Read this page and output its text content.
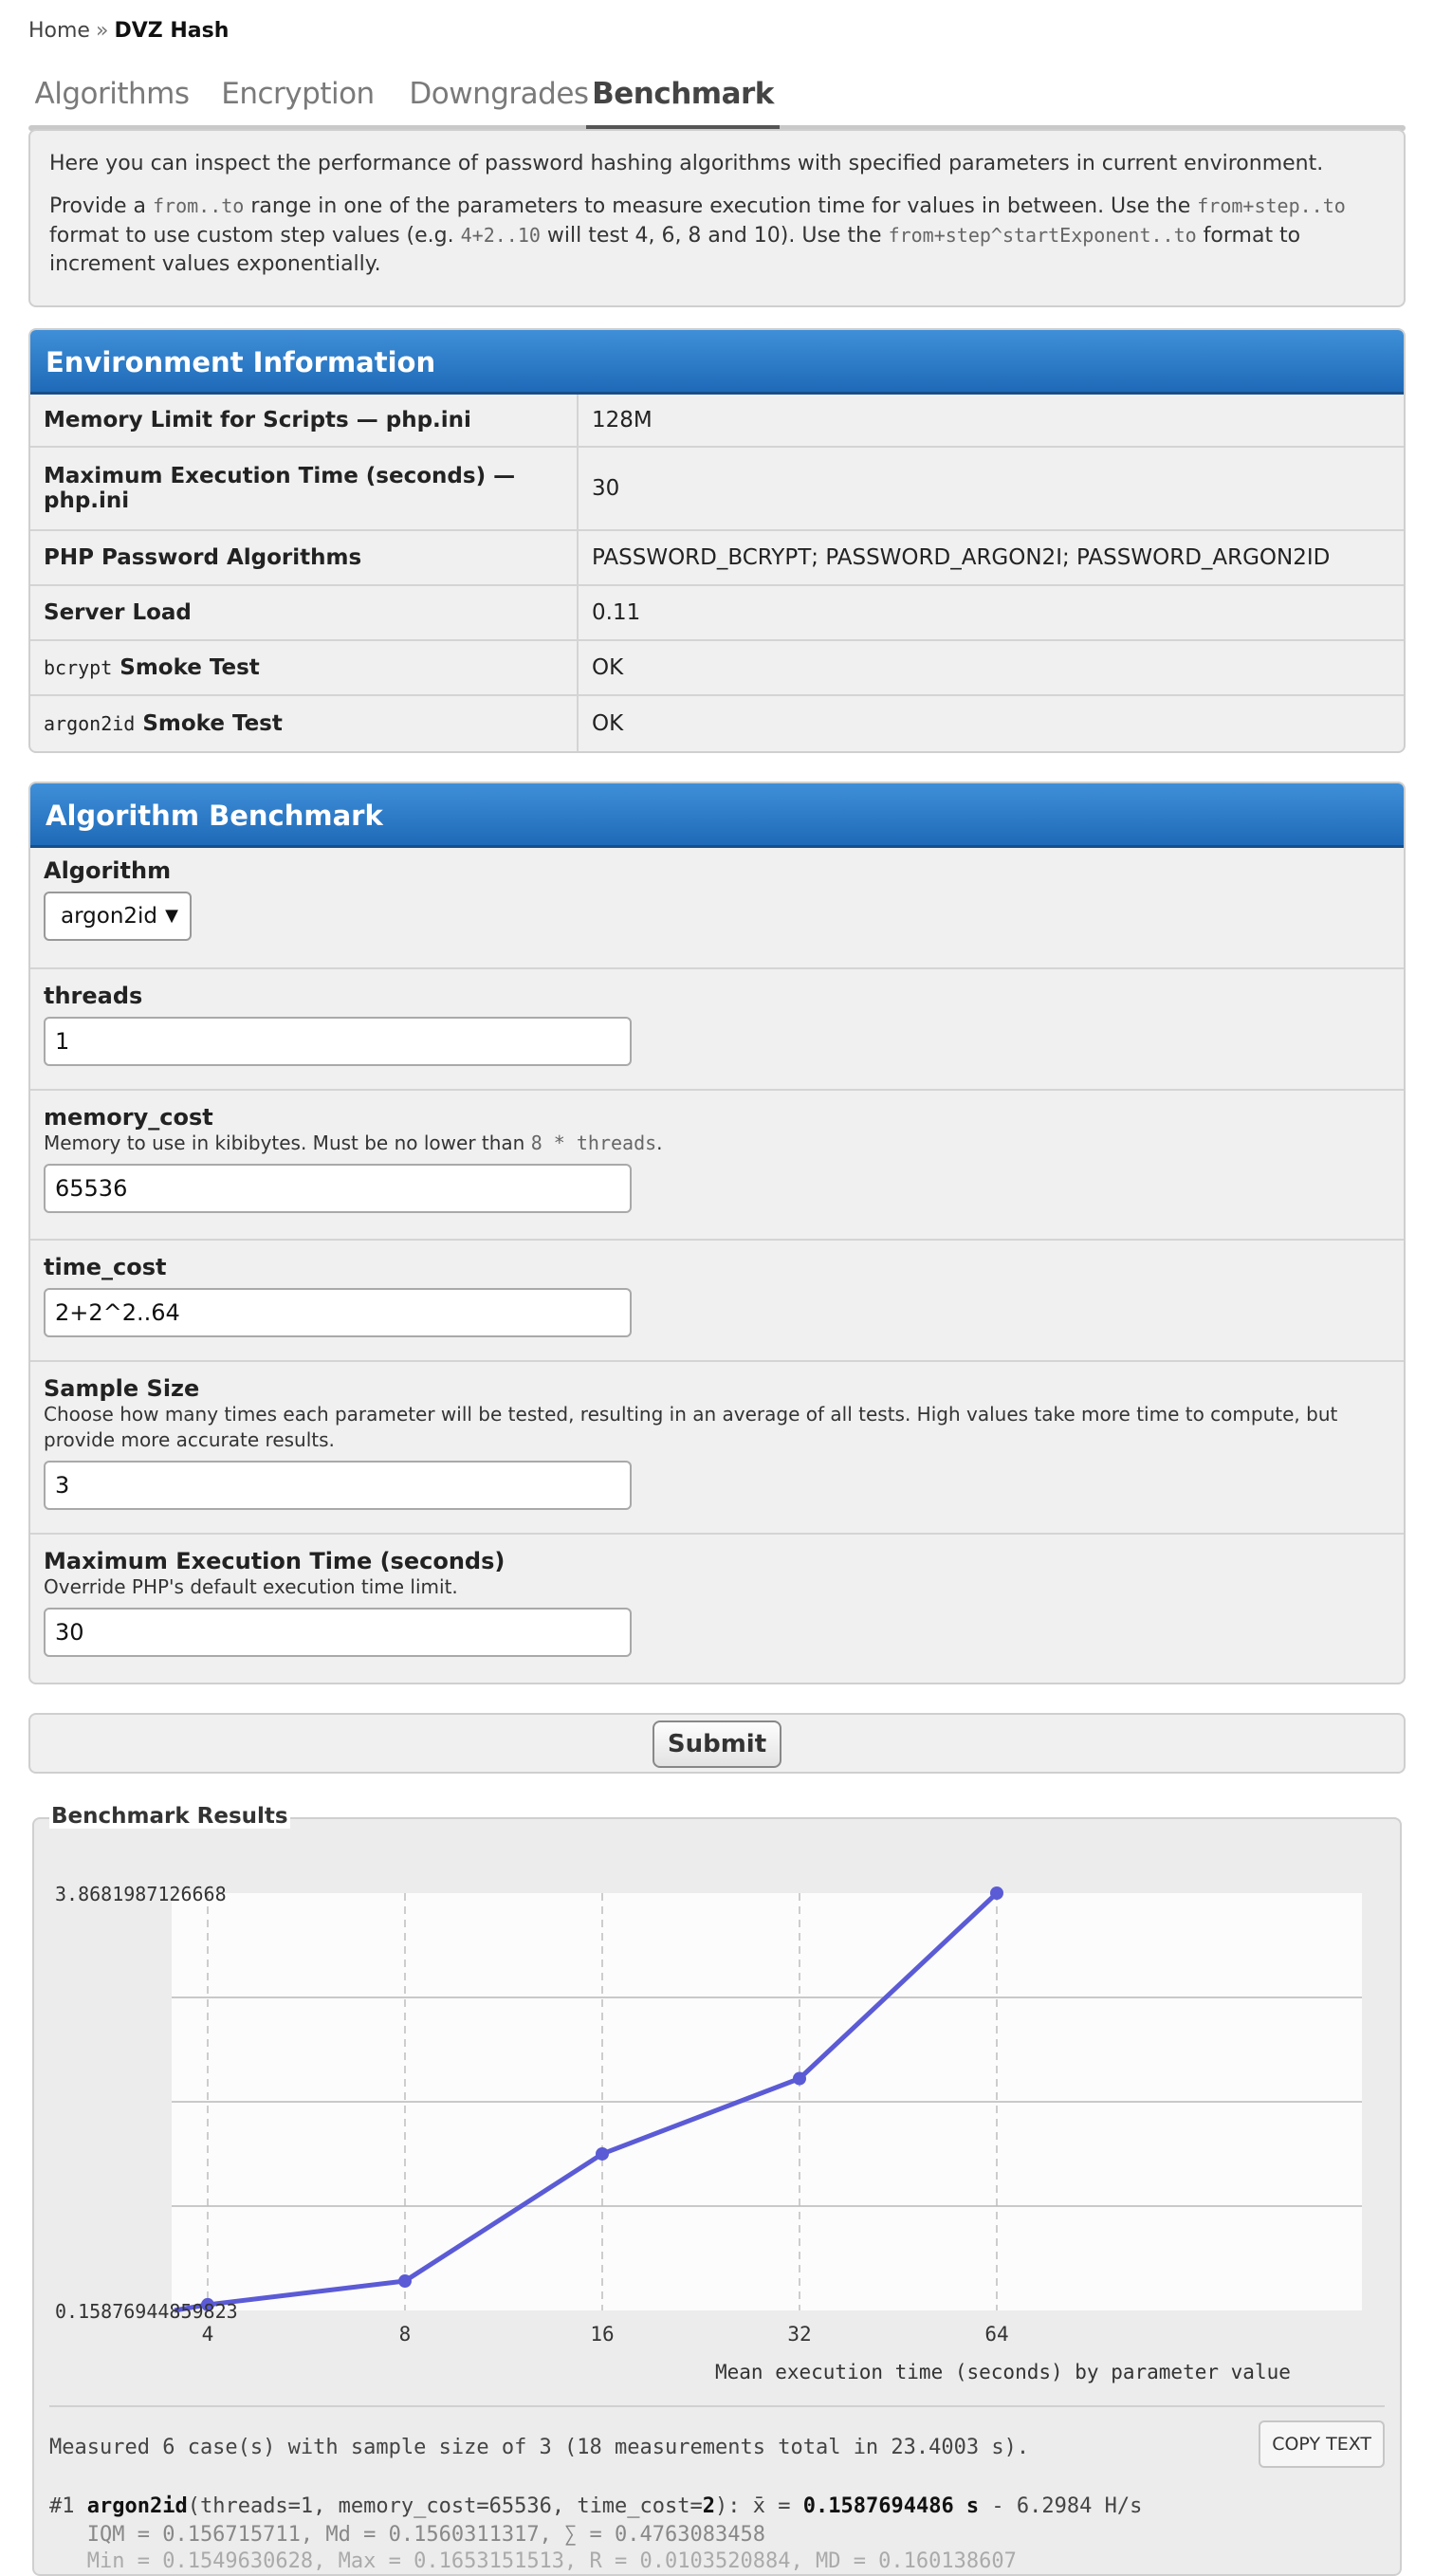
Home » DVZ Hash
Algorithms Encryption Downgrades Benchmark

Here you can inspect the performance of password hashing algorithms with specified parameters in current environment.

Provide a from..to range in one of the parameters to measure execution time for values in between. Use the from+step..to format to use custom step values (e.g. 4+2..10 will test 4, 6, 8 and 10). Use the from+step^startExponent..to format to increment values exponentially.

Environment Information
Memory Limit for Scripts — php.ini	128M
Maximum Execution Time (seconds) — php.ini	30
PHP Password Algorithms	PASSWORD_BCRYPT; PASSWORD_ARGON2I; PASSWORD_ARGON2ID
Server Load	0.11
bcrypt Smoke Test	OK
argon2id Smoke Test	OK
Algorithm Benchmark
Algorithm
argon2id ▼
threads
1
memory_cost
Memory to use in kibibytes. Must be no lower than 8 * threads.
65536
time_cost
2+2^2..64
Sample Size
Choose how many times each parameter will be tested, resulting in an average of all tests. High values take more time to compute, but provide more accurate results.
3
Maximum Execution Time (seconds)
Override PHP's default execution time limit.
30
Submit
3.8681987126668
0.15876944859823
4	8	16	32	64
Mean execution time (seconds) by parameter value
Measured 6 case(s) with sample size of 3 (18 measurements total in 23.4003 s).	COPY TEXT
#1 argon2id(threads=1, memory_cost=65536, time_cost=2): x̄ = 0.1587694486 s - 6.2984 H/s
IQM = 0.156715711, Md = 0.1560311317, ∑ = 0.4763083458
Min = 0.1549630628, Max = 0.1653151513, R = 0.0103520884, MD = 0.160138607
Benchmark Results
